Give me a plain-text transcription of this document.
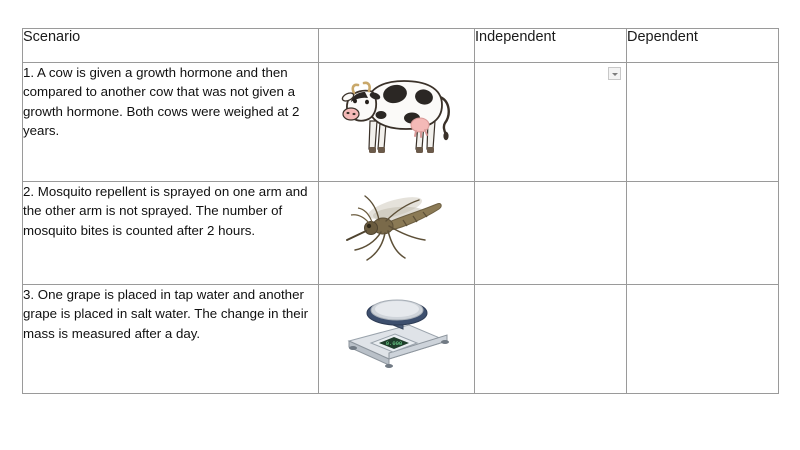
Scenario		Independent	Dependent
1. A cow is given a growth hormone and then compared to another cow that was not given a growth hormone. Both cows were weighed at 2 years.		

2. Mosquito repellent is sprayed on one arm and the other arm is not sprayed. The number of mosquito bites is counted after 2 hours.			
3. One grape is placed in tap water and another grape is placed in salt water. The change in their mass is measured after a day.	0.000		
